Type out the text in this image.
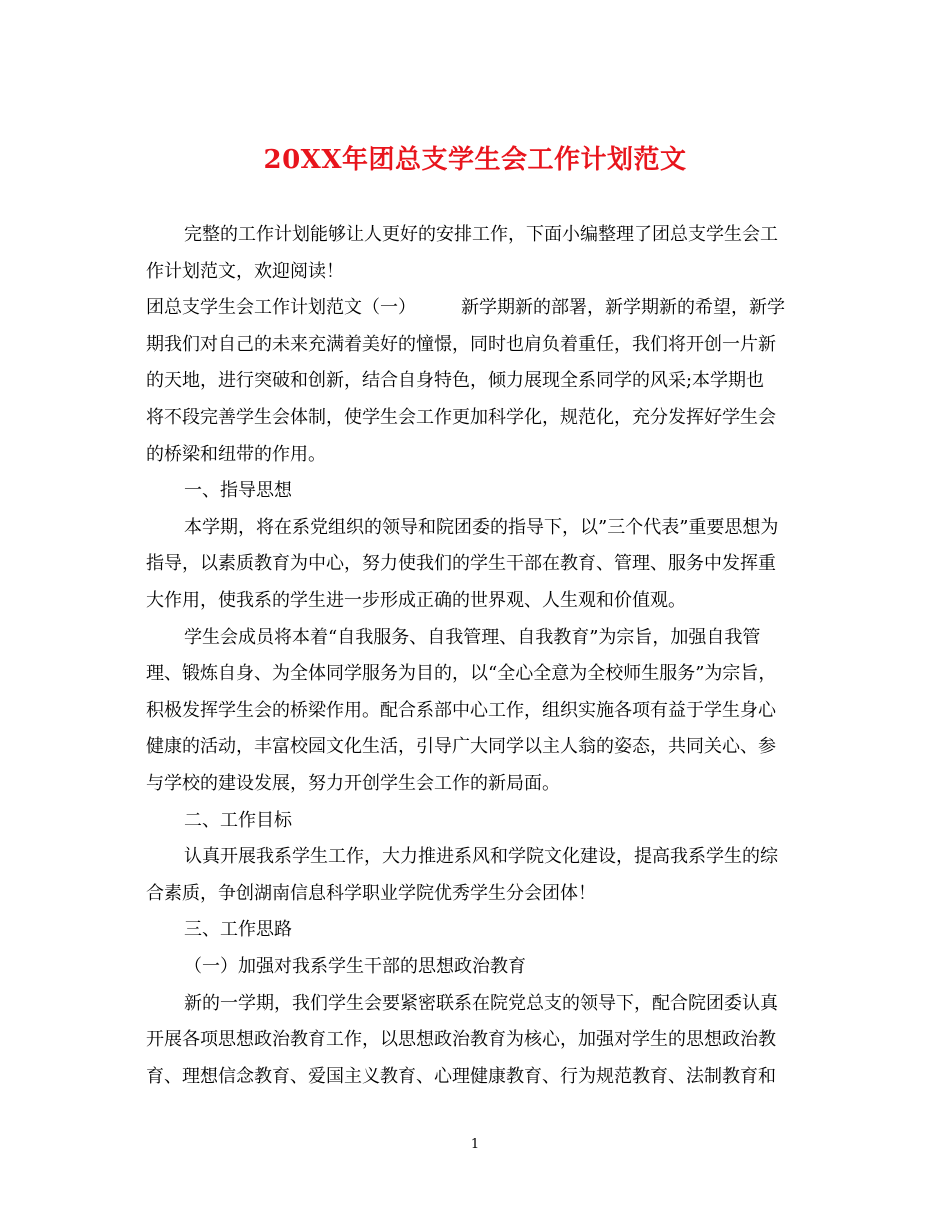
20XX年团总支学生会工作计划范文
完整的工作计划能够让人更好的安排工作，下面小编整理了团总支学生会工
作计划范文，欢迎阅读！
团总支学生会工作计划范文（一）　　　新学期新的部署，新学期新的希望，新学
期我们对自己的未来充满着美好的憧憬，同时也肩负着重任，我们将开创一片新
的天地，进行突破和创新，结合自身特色，倾力展现全系同学的风采;本学期也
将不段完善学生会体制，使学生会工作更加科学化，规范化，充分发挥好学生会
的桥梁和纽带的作用。
一、指导思想
本学期，将在系党组织的领导和院团委的指导下，以”三个代表”重要思想为
指导，以素质教育为中心，努力使我们的学生干部在教育、管理、服务中发挥重
大作用，使我系的学生进一步形成正确的世界观、人生观和价值观。
学生会成员将本着“自我服务、自我管理、自我教育”为宗旨，加强自我管
理、锻炼自身、为全体同学服务为目的，以“全心全意为全校师生服务”为宗旨，
积极发挥学生会的桥梁作用。配合系部中心工作，组织实施各项有益于学生身心
健康的活动，丰富校园文化生活，引导广大同学以主人翁的姿态，共同关心、参
与学校的建设发展，努力开创学生会工作的新局面。
二、工作目标
认真开展我系学生工作，大力推进系风和学院文化建设，提高我系学生的综
合素质，争创湖南信息科学职业学院优秀学生分会团体！
三、工作思路
（一）加强对我系学生干部的思想政治教育
新的一学期，我们学生会要紧密联系在院党总支的领导下，配合院团委认真
开展各项思想政治教育工作，以思想政治教育为核心，加强对学生的思想政治教
育、理想信念教育、爱国主义教育、心理健康教育、行为规范教育、法制教育和
1
